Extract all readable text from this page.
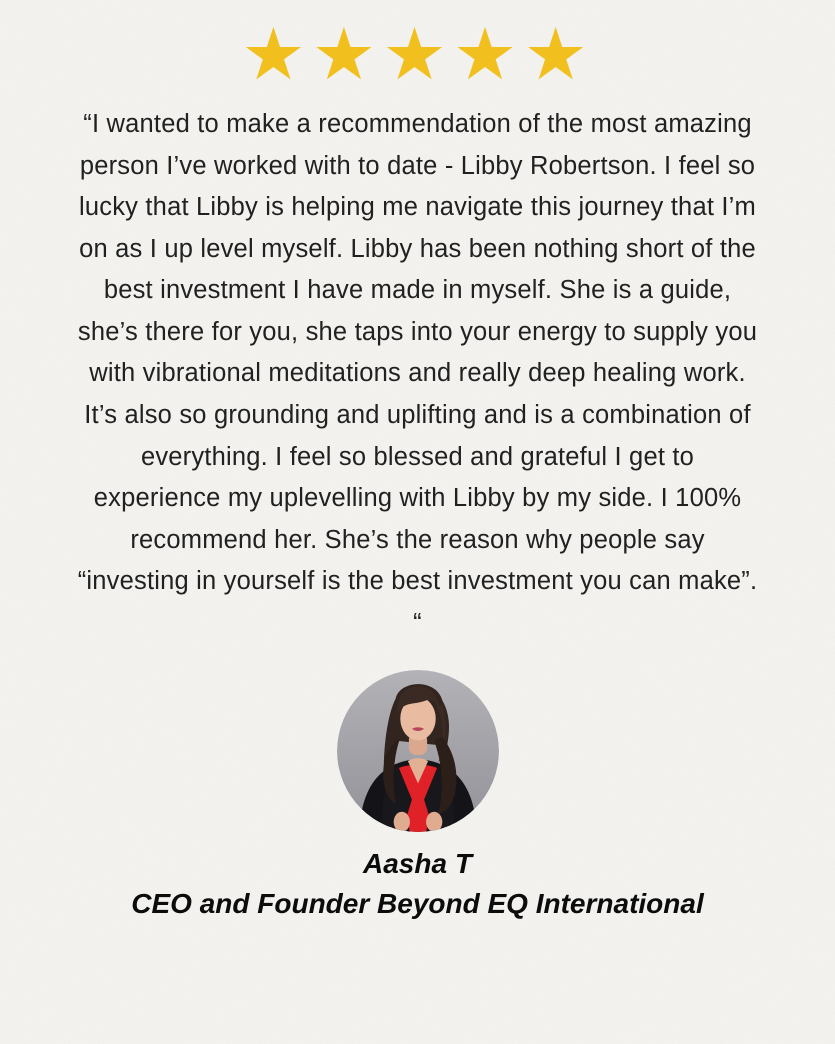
★★★★★

“I wanted to make a recommendation of the most amazing person I’ve worked with to date - Libby Robertson. I feel so lucky that Libby is helping me navigate this journey that I’m on as I up level myself. Libby has been nothing short of the best investment I have made in myself. She is a guide, she’s there for you, she taps into your energy to supply you with vibrational meditations and really deep healing work. It’s also so grounding and uplifting and is a combination of everything. I feel so blessed and grateful I get to experience my uplevelling with Libby by my side. I 100% recommend her. She’s the reason why people say “investing in yourself is the best investment you can make”. “

Aasha T
CEO and Founder Beyond EQ International
